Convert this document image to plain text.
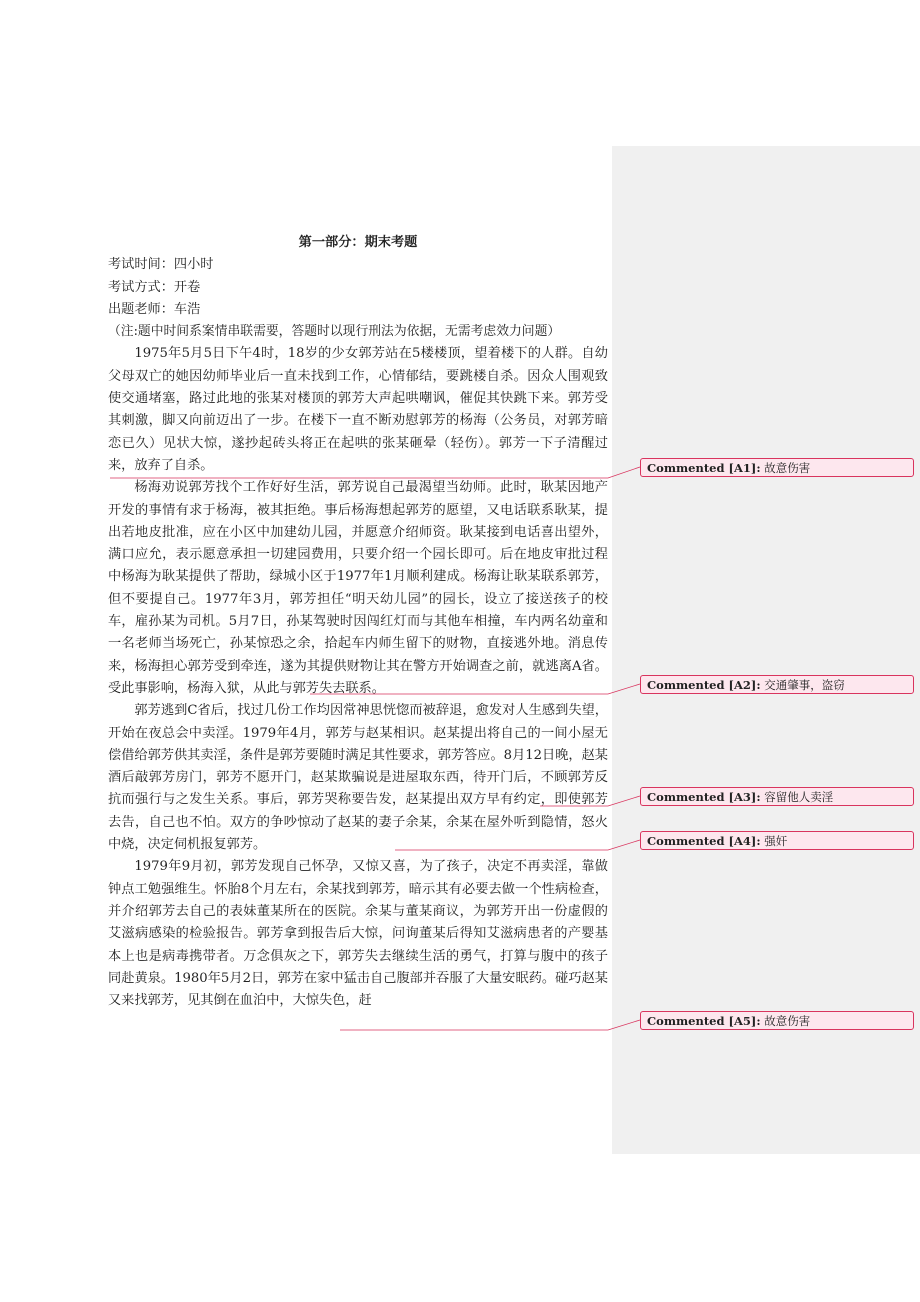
第一部分：期末考题
考试时间：四小时
考试方式：开卷
出题老师：车浩
（注:题中时间系案情串联需要，答题时以现行刑法为依据，无需考虑效力问题）
1975年5月5日下午4时，18岁的少女郭芳站在5楼楼顶，望着楼下的人群。自幼父母双亡的她因幼师毕业后一直未找到工作，心情郁结，要跳楼自杀。因众人围观致使交通堵塞，路过此地的张某对楼顶的郭芳大声起哄嘲讽，催促其快跳下来。郭芳受其刺激，脚又向前迈出了一步。在楼下一直不断劝慰郭芳的杨海（公务员，对郭芳暗恋已久）见状大惊，遂抄起砖头将正在起哄的张某砸晕（轻伤）。郭芳一下子清醒过来，放弃了自杀。
杨海劝说郭芳找个工作好好生活，郭芳说自己最渴望当幼师。此时，耿某因地产开发的事情有求于杨海，被其拒绝。事后杨海想起郭芳的愿望，又电话联系耿某，提出若地皮批准，应在小区中加建幼儿园，并愿意介绍师资。耿某接到电话喜出望外，满口应允，表示愿意承担一切建园费用，只要介绍一个园长即可。后在地皮审批过程中杨海为耿某提供了帮助，绿城小区于1977年1月顺利建成。杨海让耿某联系郭芳，但不要提自己。1977年3月，郭芳担任“明天幼儿园”的园长，设立了接送孩子的校车，雇孙某为司机。5月7日，孙某驾驶时因闯红灯而与其他车相撞，车内两名幼童和一名老师当场死亡，孙某惊恐之余，拾起车内师生留下的财物，直接逃外地。消息传来，杨海担心郭芳受到牵连，遂为其提供财物让其在警方开始调查之前，就逃离A省。受此事影响，杨海入狱，从此与郭芳失去联系。
郭芳逃到C省后，找过几份工作均因常神思恍惚而被辞退，愈发对人生感到失望，开始在夜总会中卖淫。1979年4月，郭芳与赵某相识。赵某提出将自己的一间小屋无偿借给郭芳供其卖淫，条件是郭芳要随时满足其性要求，郭芳答应。8月12日晚，赵某酒后敲郭芳房门，郭芳不愿开门，赵某欺骗说是进屋取东西，待开门后，不顾郭芳反抗而强行与之发生关系。事后，郭芳哭称要告发，赵某提出双方早有约定，即使郭芳去告，自己也不怕。双方的争吵惊动了赵某的妻子余某，余某在屋外听到隐情，怒火中烧，决定伺机报复郭芳。
1979年9月初，郭芳发现自己怀孕，又惊又喜，为了孩子，决定不再卖淫，靠做钟点工勉强维生。怀胎8个月左右，余某找到郭芳，暗示其有必要去做一个性病检查，并介绍郭芳去自己的表妹董某所在的医院。余某与董某商议，为郭芳开出一份虚假的艾滋病感染的检验报告。郭芳拿到报告后大惊，问询董某后得知艾滋病患者的产婴基本上也是病毒携带者。万念俱灰之下，郭芳失去继续生活的勇气，打算与腹中的孩子同赴黄泉。1980年5月2日，郭芳在家中猛击自己腹部并吞服了大量安眠药。碰巧赵某又来找郭芳，见其倒在血泊中，大惊失色，赶
Commented [A1]: 故意伤害
Commented [A2]: 交通肇事，盗窃
Commented [A3]: 容留他人卖淫
Commented [A4]: 强奸
Commented [A5]: 故意伤害
